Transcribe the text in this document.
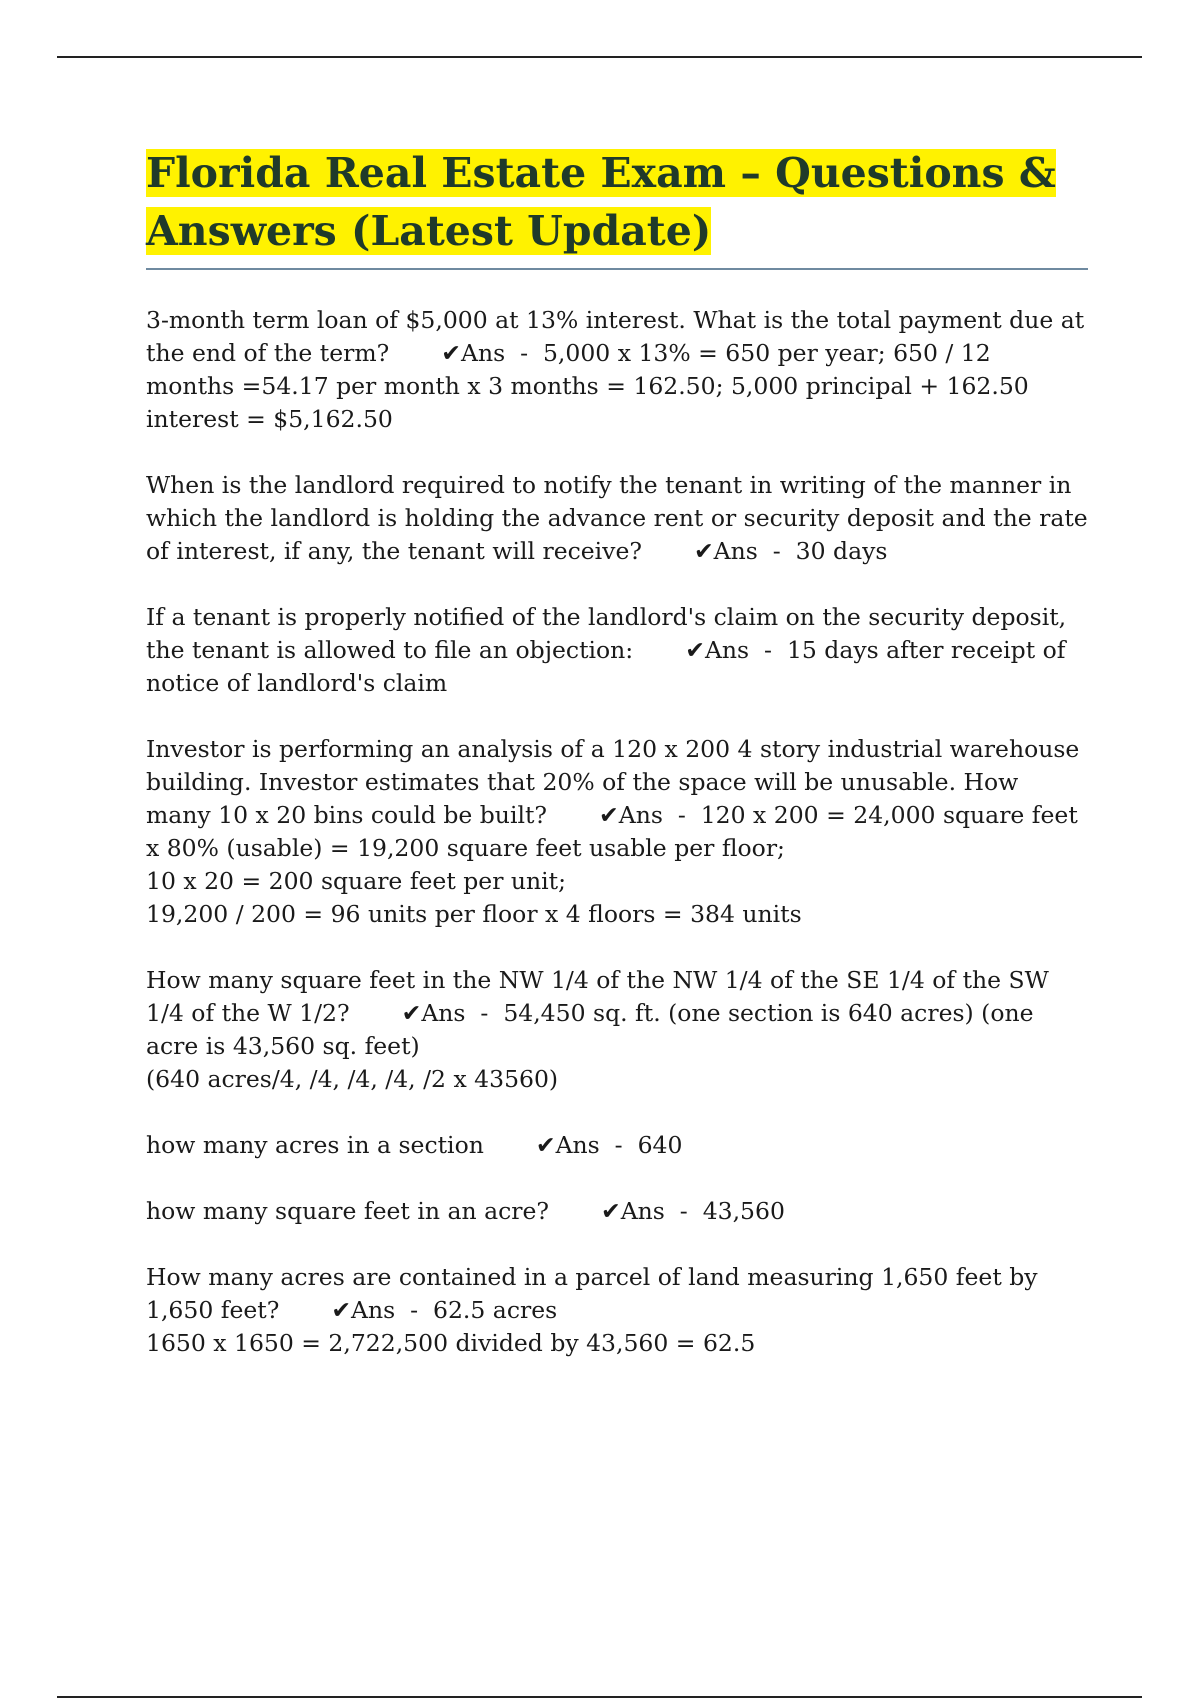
Florida Real Estate Exam – Questions &
Answers (Latest Update)
3-month term loan of $5,000 at 13% interest. What is the total payment due at
the end of the term? ✔Ans  -  5,000 x 13% = 650 per year; 650 / 12
months =54.17 per month x 3 months = 162.50; 5,000 principal + 162.50
interest = $5,162.50
When is the landlord required to notify the tenant in writing of the manner in
which the landlord is holding the advance rent or security deposit and the rate
of interest, if any, the tenant will receive? ✔Ans  -  30 days
If a tenant is properly notified of the landlord's claim on the security deposit,
the tenant is allowed to file an objection: ✔Ans  -  15 days after receipt of
notice of landlord's claim
Investor is performing an analysis of a 120 x 200 4 story industrial warehouse
building. Investor estimates that 20% of the space will be unusable. How
many 10 x 20 bins could be built? ✔Ans  -  120 x 200 = 24,000 square feet
x 80% (usable) = 19,200 square feet usable per floor;
10 x 20 = 200 square feet per unit;
19,200 / 200 = 96 units per floor x 4 floors = 384 units
How many square feet in the NW 1/4 of the NW 1/4 of the SE 1/4 of the SW
1/4 of the W 1/2? ✔Ans  -  54,450 sq. ft. (one section is 640 acres) (one
acre is 43,560 sq. feet)
(640 acres/4, /4, /4, /4, /2 x 43560)
how many acres in a section ✔Ans  -  640
how many square feet in an acre? ✔Ans  -  43,560
How many acres are contained in a parcel of land measuring 1,650 feet by
1,650 feet? ✔Ans  -  62.5 acres
1650 x 1650 = 2,722,500 divided by 43,560 = 62.5
